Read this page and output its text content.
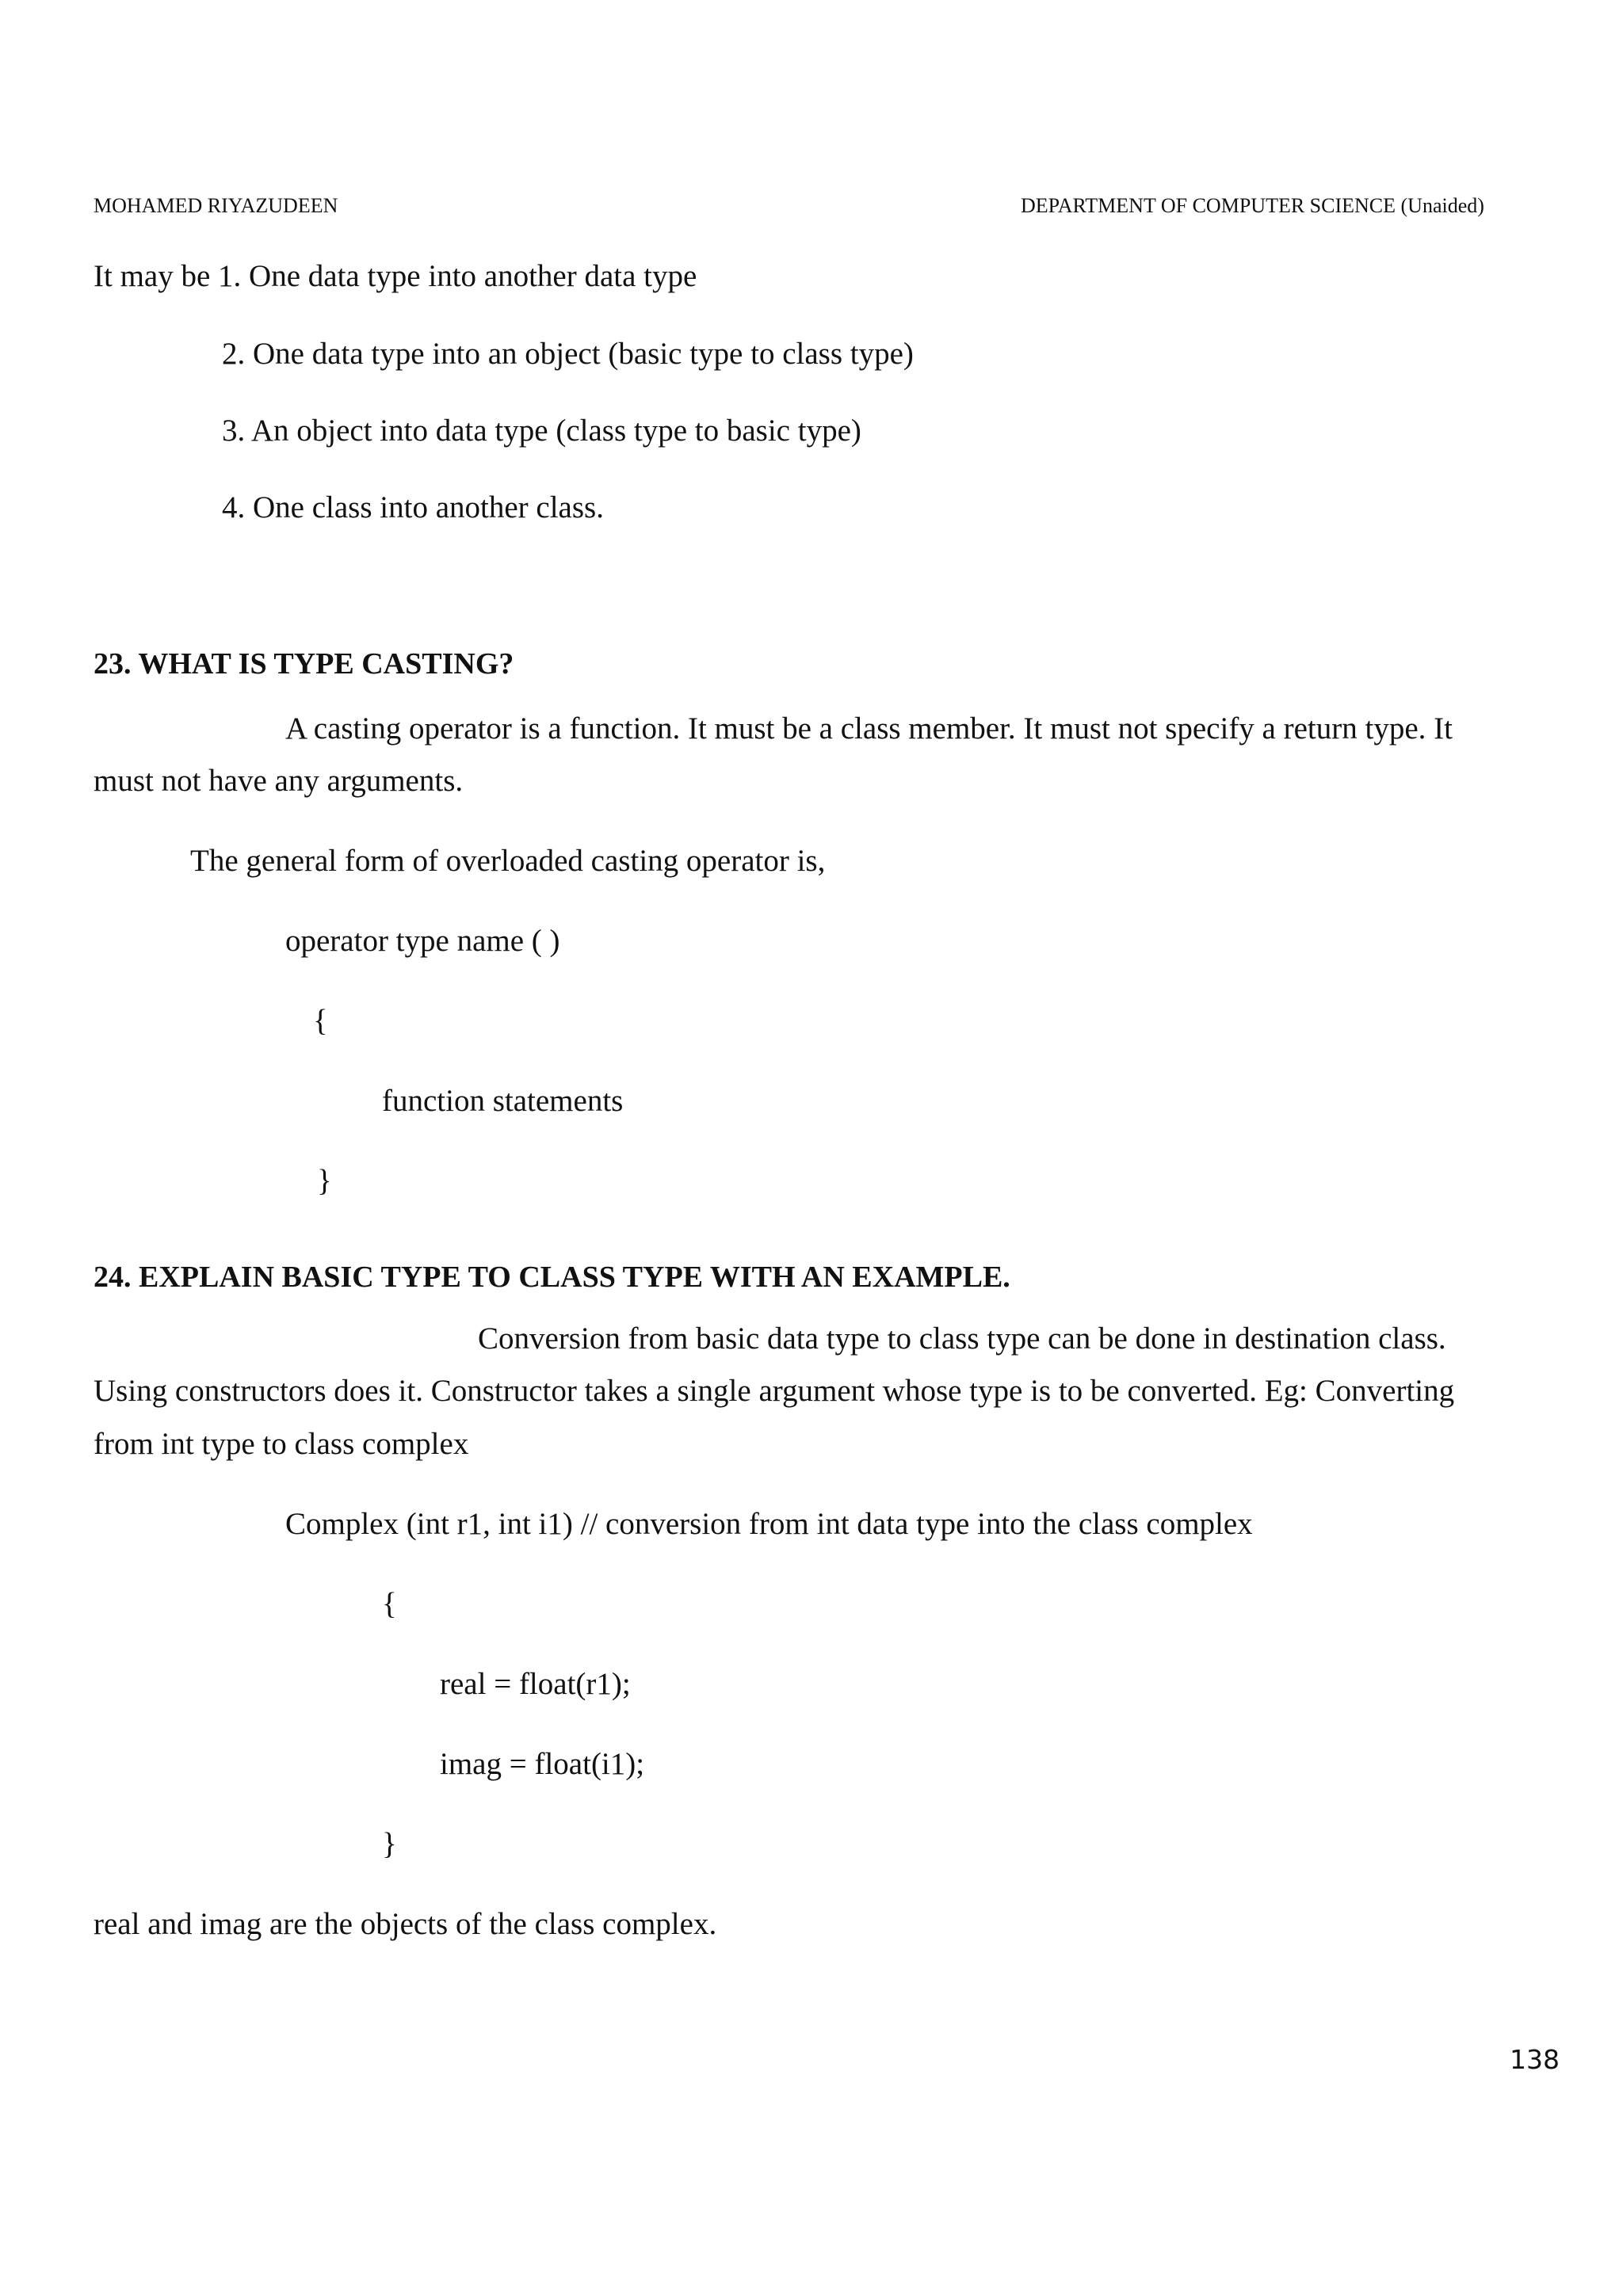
MOHAMED RIYAZUDEEN	DEPARTMENT OF COMPUTER SCIENCE (Unaided)

It may be 1. One data type into another data type

2. One data type into an object (basic type to class type)

3. An object into data type (class type to basic type)

4. One class into another class.

23. WHAT IS TYPE CASTING?

A casting operator is a function. It must be a class member. It must not specify a return type. It

must not have any arguments.

The general form of overloaded casting operator is,

operator type name ( )

{

function statements

}

24. EXPLAIN BASIC TYPE TO CLASS TYPE WITH AN EXAMPLE.

Conversion from basic data type to class type can be done in destination class.

Using constructors does it. Constructor takes a single argument whose type is to be converted. Eg: Converting

from int type to class complex

Complex (int r1, int i1) // conversion from int data type into the class complex

{

real = float(r1);

imag = float(i1);

}

real and imag are the objects of the class complex.

138
